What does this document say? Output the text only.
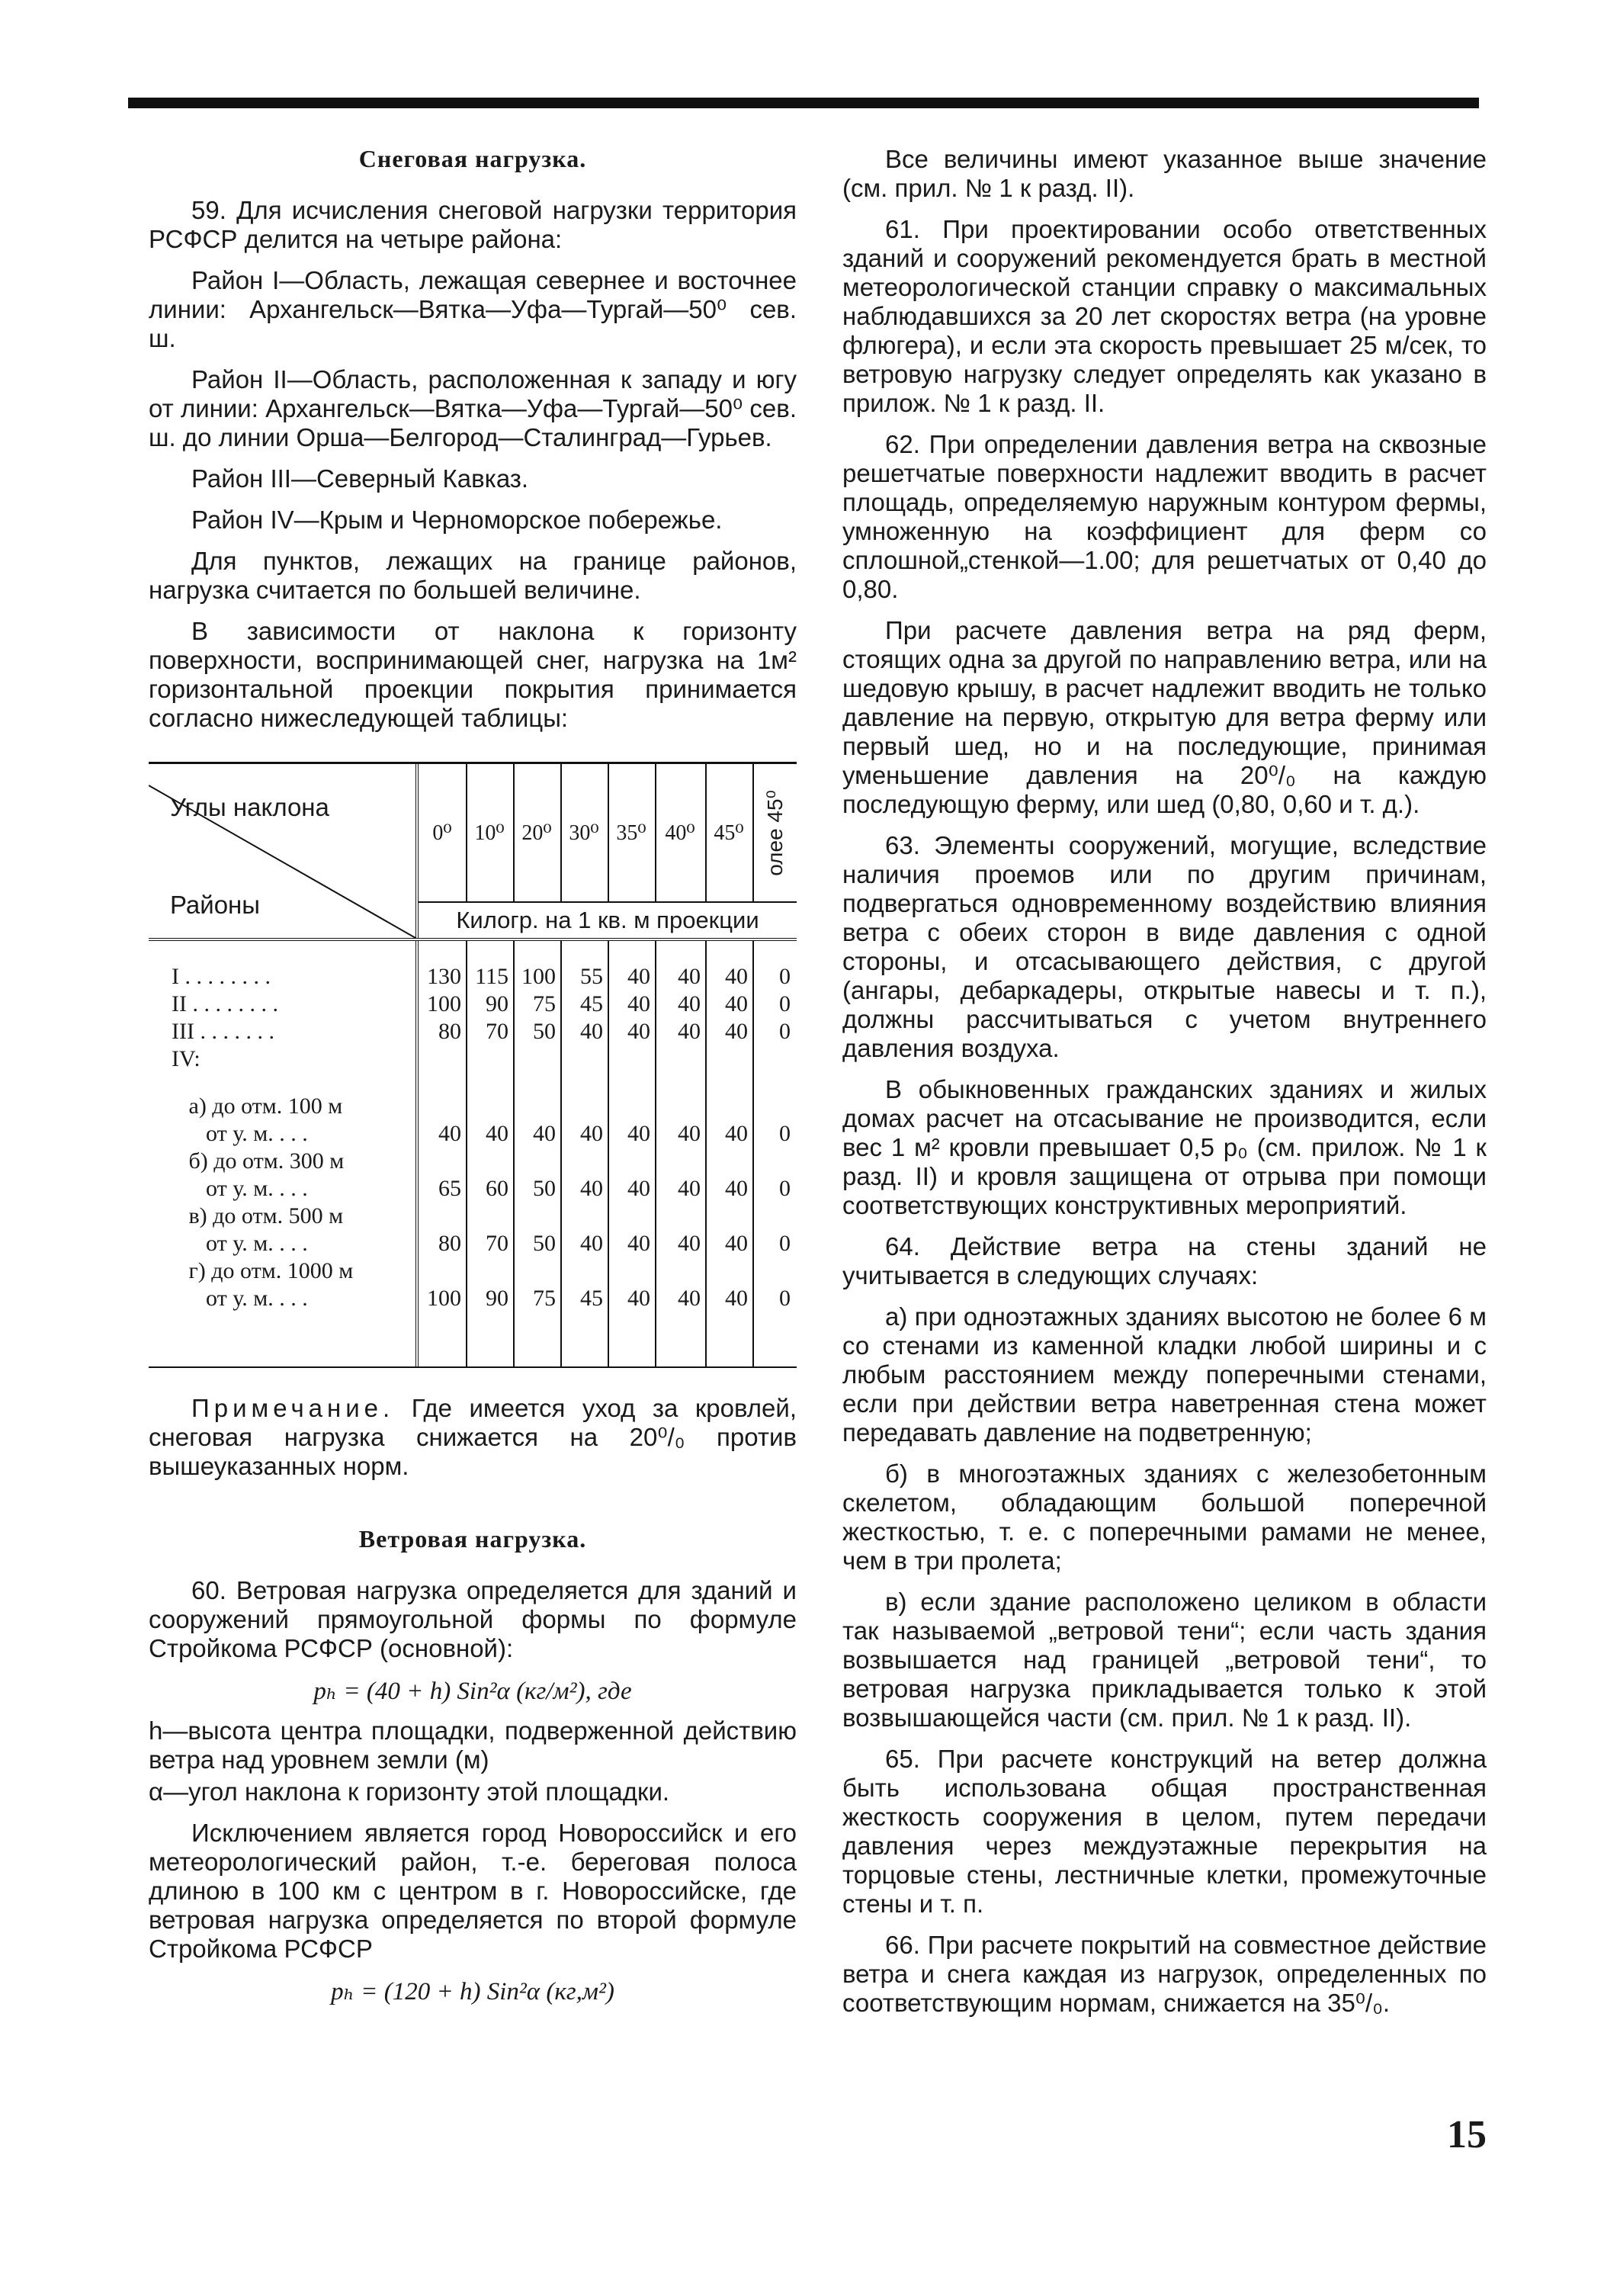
Снеговая нагрузка.

59. Для исчисления снеговой нагрузки территория РСФСР делится на четыре района:

Район I—Область, лежащая севернее и восточнее линии: Архангельск—Вятка—Уфа—Тургай—50⁰ сев. ш.

Район II—Область, расположенная к западу и югу от линии: Архангельск—Вятка—Уфа—Тургай—50⁰ сев. ш. до линии Орша—Белгород—Сталинград—Гурьев.

Район III—Северный Кавказ.

Район IV—Крым и Черноморское побережье.

Для пунктов, лежащих на границе районов, нагрузка считается по большей величине.

В зависимости от наклона к горизонту поверхности, воспринимающей снег, нагрузка на 1м² горизонтальной проекции покрытия принимается согласно нижеследующей таблицы:

Углы наклона
Районы
0⁰	10⁰ 20⁰ 30⁰ 35⁰ 40⁰ 45⁰ олее 45⁰
Килогр. на 1 кв. м проекции
I . . . . . . . .	130 115 100	55	40	40	40	0
II . . . . . . . .	100	90	75	45	40	40	40	0
III . . . . . . .	80	70	50	40	40	40	40	0
IV:
а) до отм. 100 м
от у. м. . . .	40	40	40	40	40	40	40	0
б) до отм. 300 м
от у. м. . . .	65	60	50	40	40	40	40	0
в) до отм. 500 м
от у. м. . . .	80	70	50	40	40	40	40	0
г) до отм. 1000 м
от у. м. . . .	100	90	75	45	40	40	40	0

Примечание. Где имеется уход за кровлей, снеговая нагрузка снижается на 20⁰/₀ против вышеуказанных норм.

Ветровая нагрузка.

60. Ветровая нагрузка определяется для зданий и сооружений прямоугольной формы по формуле Стройкома РСФСР (основной):

pₕ = (40 + h) Sin²α (кг/м²), где

h—высота центра площадки, подверженной действию ветра над уровнем земли (м)

α—угол наклона к горизонту этой площадки.

Исключением является город Новороссийск и его метеорологический район, т.-е. береговая полоса длиною в 100 км с центром в г. Новороссийске, где ветровая нагрузка определяется по второй формуле Стройкома РСФСР

pₕ = (120 + h) Sin²α (кг,м²)

Все величины имеют указанное выше значение (см. прил. № 1 к разд. II).

61. При проектировании особо ответственных зданий и сооружений рекомендуется брать в местной метеорологической станции справку о максимальных наблюдавшихся за 20 лет скоростях ветра (на уровне флюгера), и если эта скорость превышает 25 м/сек, то ветровую нагрузку следует определять как указано в прилож. № 1 к разд. II.

62. При определении давления ветра на сквозные решетчатые поверхности надлежит вводить в расчет площадь, определяемую наружным контуром фермы, умноженную на коэффициент для ферм со сплошной„стенкой—1.00; для решетчатых от 0,40 до 0,80.

При расчете давления ветра на ряд ферм, стоящих одна за другой по направлению ветра, или на шедовую крышу, в расчет надлежит вводить не только давление на первую, открытую для ветра ферму или первый шед, но и на последующие, принимая уменьшение давления на 20⁰/₀ на каждую последующую ферму, или шед (0,80, 0,60 и т. д.).

63. Элементы сооружений, могущие, вследствие наличия проемов или по другим причинам, подвергаться одновременному воздействию влияния ветра с обеих сторон в виде давления с одной стороны, и отсасывающего действия, с другой (ангары, дебаркадеры, открытые навесы и т. п.), должны рассчитываться с учетом внутреннего давления воздуха.

В обыкновенных гражданских зданиях и жилых домах расчет на отсасывание не производится, если вес 1 м² кровли превышает 0,5 p₀ (см. прилож. № 1 к разд. II) и кровля защищена от отрыва при помощи соответствующих конструктивных мероприятий.

64. Действие ветра на стены зданий не учитывается в следующих случаях:

а) при одноэтажных зданиях высотою не более 6 м со стенами из каменной кладки любой ширины и с любым расстоянием между поперечными стенами, если при действии ветра наветренная стена может передавать давление на подветренную;

б) в многоэтажных зданиях с железобетонным скелетом, обладающим большой поперечной жесткостью, т. е. с поперечными рамами не менее, чем в три пролета;

в) если здание расположено целиком в области так называемой „ветровой тени“; если часть здания возвышается над границей „ветровой тени“, то ветровая нагрузка прикладывается только к этой возвышающейся части (см. прил. № 1 к разд. II).

65. При расчете конструкций на ветер должна быть использована общая пространственная жесткость сооружения в целом, путем передачи давления через междуэтажные перекрытия на торцовые стены, лестничные клетки, промежуточные стены и т. п.

66. При расчете покрытий на совместное действие ветра и снега каждая из нагрузок, определенных по соответствующим нормам, снижается на 35⁰/₀.

15
